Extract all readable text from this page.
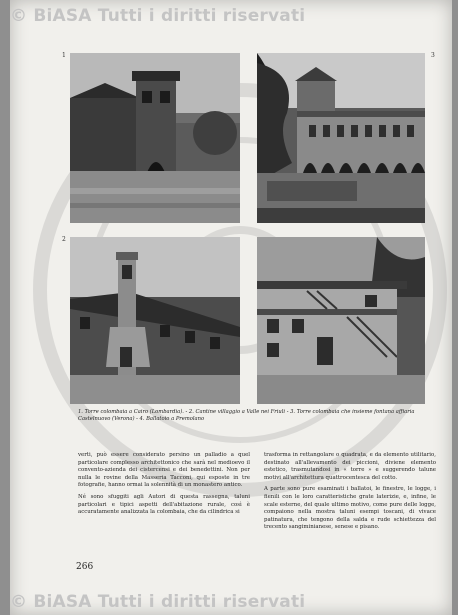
1	3
2
1. Torre colombaia a Cairo (Lombardia). - 2. Cantine villaggio a Valle nei Friuli - 3. Torre colombaia che insieme fontana affiaria Castelnuovo (Verona) - 4. Ballatoio a Premolano

verti, può essere considerato persino un palladio a quel particolare complesso architettonico che sarà nel medioevo il convento-azienda dei cistercensi e dei benedettini. Non per nulla le rovine della Masseria Tacconi, qui esposte in tre fotografie, hanno ormai la solennità di un monastero antico.

Né sono sfuggiti agli Autori di questa rassegna, taluni particolari e tipici aspetti dell'abitazione rurale, così è accuratamente analizzata la colombaia, che da cilindrica si

trasforma in rettangolare o quadrata, e da elemento utilitario, destinato all'allevamento dei piccioni, diviene elemento estetico, trasmutandosi in « torre » e suggerendo talune motivi all'architettura quattrocentesca del cotto.

A parte sono pure esaminati i ballatoi, le finestre, le logge, i fienili con le loro caratteristiche grate laterizie, e, infine, le scale esterne, del quale ultimo motivo, come pure delle logge, compaiono nella mostra taluni esempi toscani, di vivace patinatura, che tengono della salda e rude schiettezza del trecento sangiminianese, senese e pisano.

266
© BiASA Tutti i diritti riservati
© BiASA Tutti i diritti riservati
